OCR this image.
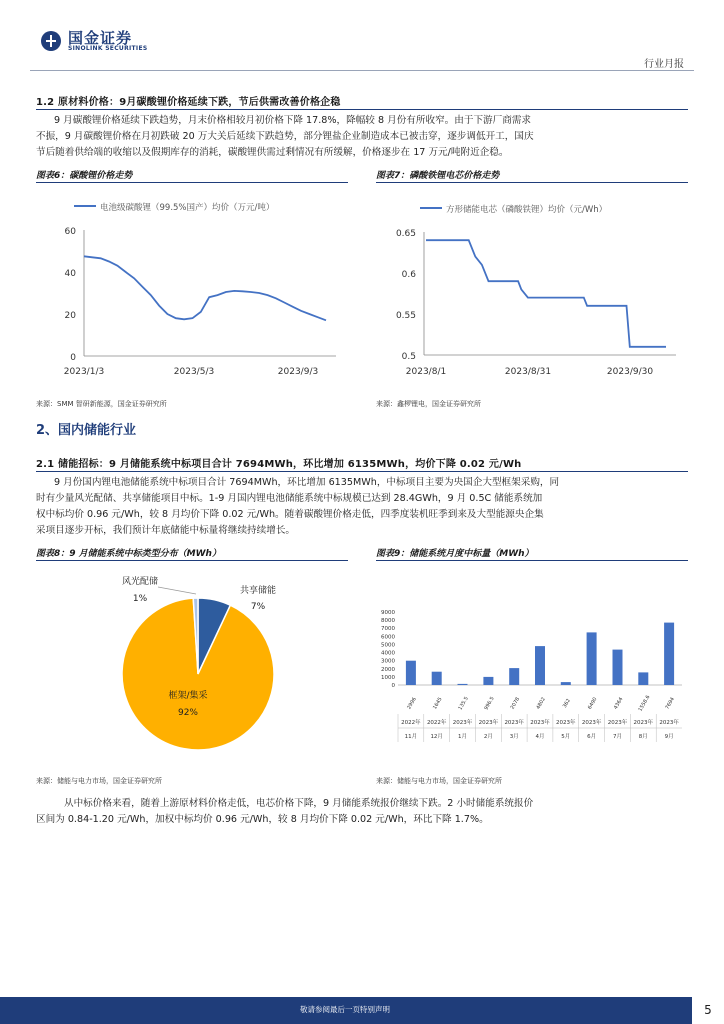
国金证券
SINOLINK SECURITIES
行业月报
1.2 原材料价格：9月碳酸锂价格延续下跌，节后供需改善价格企稳
9 月碳酸锂价格延续下跌趋势，月末价格相较月初价格下降 17.8%，降幅较 8 月份有所收窄。由于下游厂商需求
不振，9 月碳酸锂价格在月初跌破 20 万大关后延续下跌趋势，部分锂盐企业制造成本已被击穿，逐步调低开工，国庆
节后随着供给端的收缩以及假期库存的消耗，碳酸锂供需过剩情况有所缓解，价格逐步在 17 万元/吨附近企稳。
图表6：碳酸锂价格走势
电池级碳酸锂（99.5%国产）均价（万元/吨）
0
20
40
60
2023/1/3	2023/5/3	2023/9/3
来源：SMM 智研新能源，国金证券研究所
图表7：磷酸铁锂电芯价格走势
方形储能电芯（磷酸铁锂）均价（元/Wh）
0.5
0.55
0.6
0.65
2023/8/1	2023/8/31	2023/9/30
来源：鑫椤锂电，国金证券研究所
2、国内储能行业
2.1 储能招标：9 月储能系统中标项目合计 7694MWh，环比增加 6135MWh，均价下降 0.02 元/Wh
9 月份国内锂电池储能系统中标项目合计 7694MWh，环比增加 6135MWh，中标项目主要为央国企大型框架采购，同
时有少量风光配储、共享储能项目中标。1-9 月国内锂电池储能系统中标规模已达到 28.4GWh，9 月 0.5C 储能系统加
权中标均价 0.96 元/Wh，较 8 月均价下降 0.02 元/Wh。随着碳酸锂价格走低，四季度装机旺季到来及大型能源央企集
采项目逐步开标，我们预计年底储能中标量将继续持续增长。
图表8：9 月储能系统中标类型分布（MWh）
风光配储
1%
共享储能
7%
框架/集采
92%
来源：储能与电力市场，国金证券研究所
图表9：储能系统月度中标量（MWh）
0
1000
2000
3000
4000
5000
6000
7000
8000
9000
2996	1645	135.5	996.5	2078	4802	362	6490	4364	1558.6	7694
2022年
11月
2022年
12月
2023年
1月
2023年
2月
2023年
3月
2023年
4月
2023年
5月
2023年
6月
2023年
7月
2023年
8月
2023年
9月
来源：储能与电力市场，国金证券研究所
从中标价格来看，随着上游原材料价格走低，电芯价格下降，9 月储能系统报价继续下跌。2 小时储能系统报价
区间为 0.84-1.20 元/Wh，加权中标均价 0.96 元/Wh，较 8 月均价下降 0.02 元/Wh，环比下降 1.7%。
敬请参阅最后一页特别声明	5
